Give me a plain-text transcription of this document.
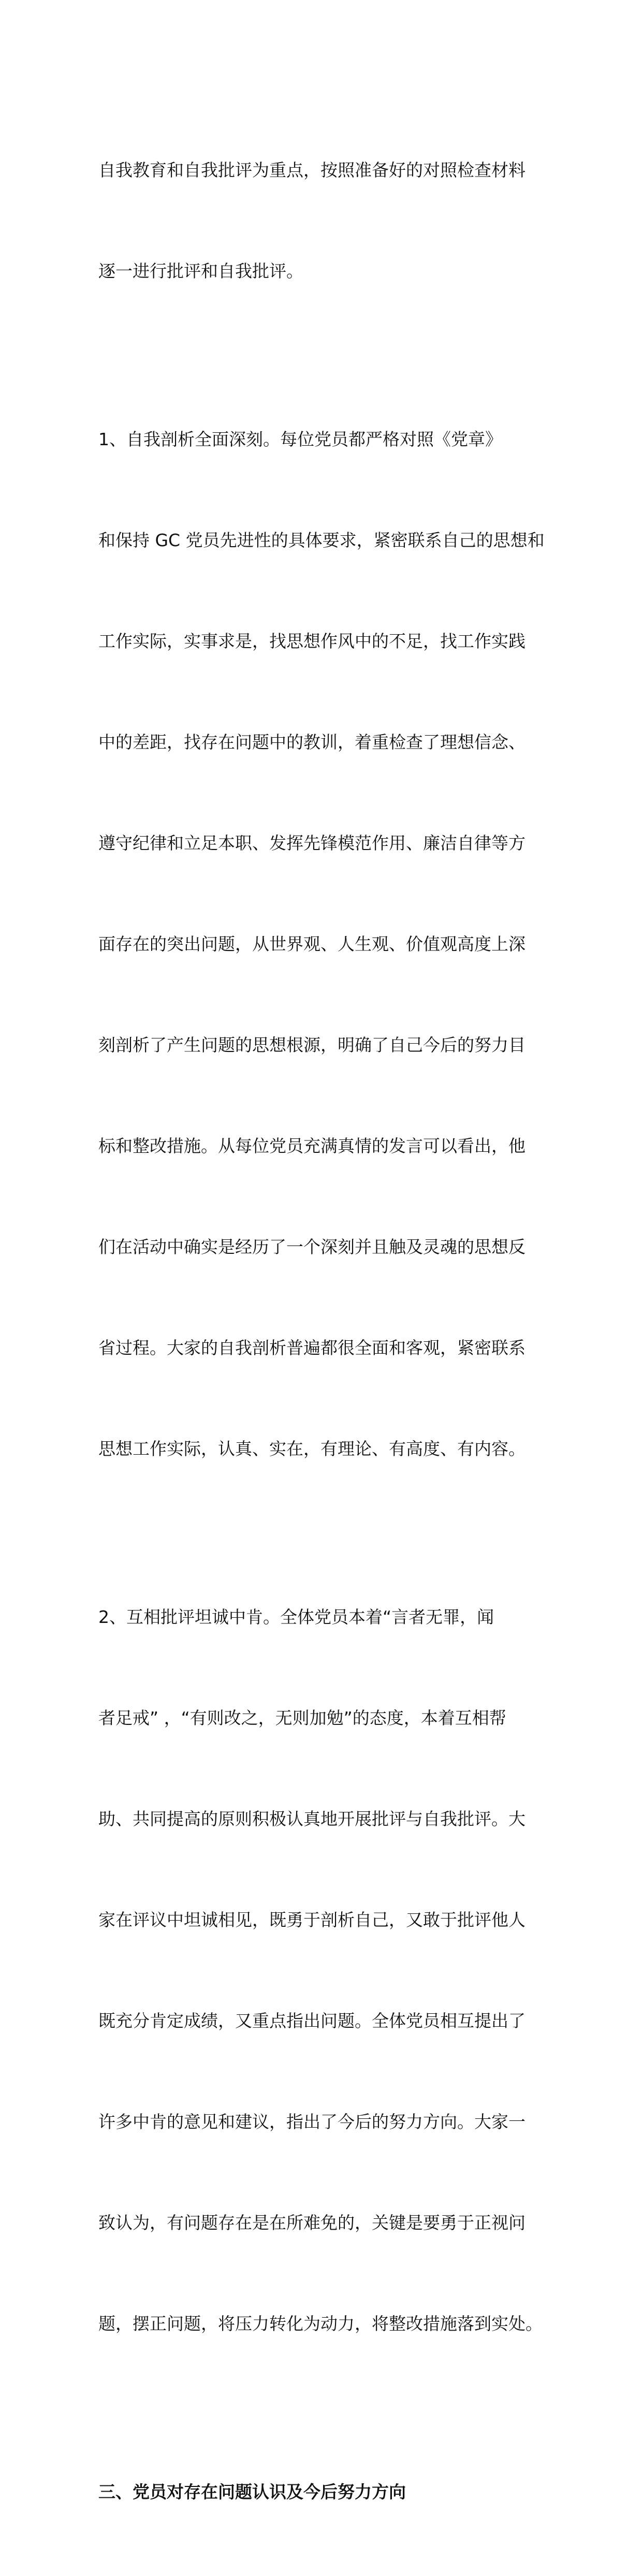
自我教育和自我批评为重点，按照准备好的对照检查材料

逐一进行批评和自我批评。

1、自我剖析全面深刻。每位党员都严格对照《党章》

和保持 GC 党员先进性的具体要求，紧密联系自己的思想和

工作实际，实事求是，找思想作风中的不足，找工作实践

中的差距，找存在问题中的教训，着重检查了理想信念、

遵守纪律和立足本职、发挥先锋模范作用、廉洁自律等方

面存在的突出问题，从世界观、人生观、价值观高度上深

刻剖析了产生问题的思想根源，明确了自己今后的努力目

标和整改措施。从每位党员充满真情的发言可以看出，他

们在活动中确实是经历了一个深刻并且触及灵魂的思想反

省过程。大家的自我剖析普遍都很全面和客观，紧密联系

思想工作实际，认真、实在，有理论、有高度、有内容。

2、互相批评坦诚中肯。全体党员本着“言者无罪，闻

者足戒” ，“有则改之，无则加勉”的态度，本着互相帮

助、共同提高的原则积极认真地开展批评与自我批评。大

家在评议中坦诚相见，既勇于剖析自己，又敢于批评他人

既充分肯定成绩，又重点指出问题。全体党员相互提出了

许多中肯的意见和建议，指出了今后的努力方向。大家一

致认为，有问题存在是在所难免的，关键是要勇于正视问

题，摆正问题，将压力转化为动力，将整改措施落到实处。

三、党员对存在问题认识及今后努力方向
